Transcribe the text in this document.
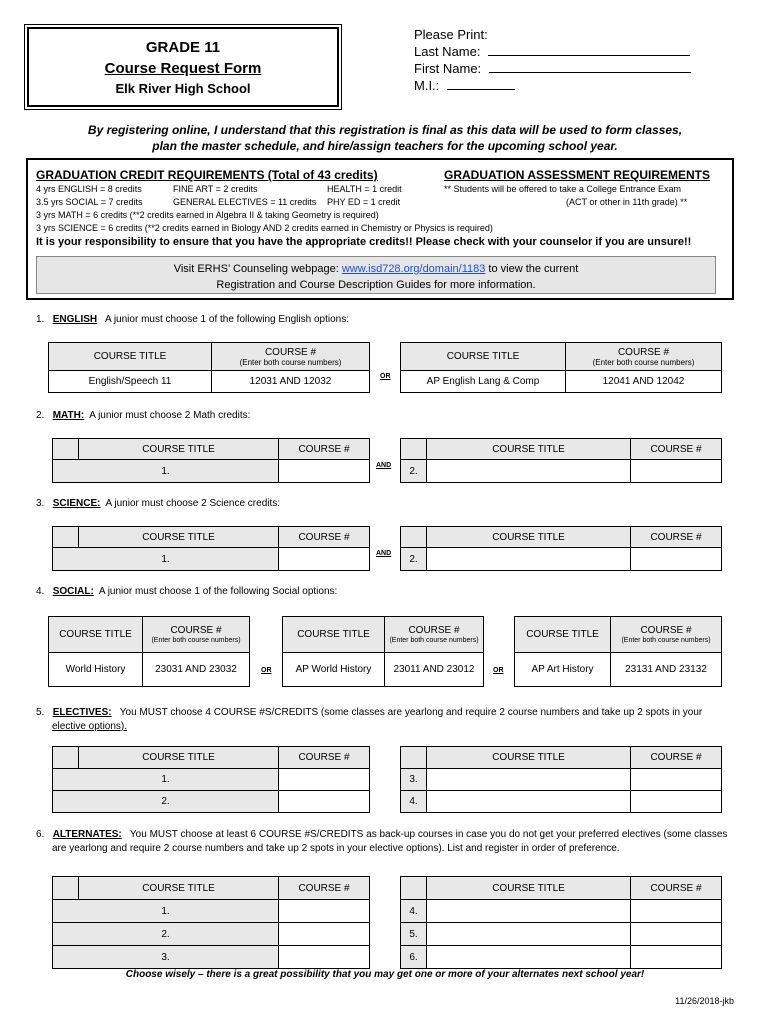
GRADE 11
Course Request Form
Elk River High School
Please Print:
Last Name:
First Name:
M.I.:
By registering online, I understand that this registration is final as this data will be used to form classes,
plan the master schedule, and hire/assign teachers for the upcoming school year.
GRADUATION CREDIT REQUIREMENTS (Total of 43 credits)	GRADUATION ASSESSMENT REQUIREMENTS
4 yrs ENGLISH = 8 credits	FINE ART = 2 credits	HEALTH = 1 credit	** Students will be offered to take a College Entrance Exam
3.5 yrs SOCIAL = 7 credits	GENERAL ELECTIVES = 11 credits PHY ED = 1 credit	(ACT or other in 11th grade) **
3 yrs MATH = 6 credits (**2 credits earned in Algebra II & taking Geometry is required)
3 yrs SCIENCE = 6 credits (**2 credits earned in Biology AND 2 credits earned in Chemistry or Physics is required)
It is your responsibility to ensure that you have the appropriate credits!! Please check with your counselor if you are unsure!!
Visit ERHS’ Counseling webpage: www.isd728.org/domain/1183 to view the current
Registration and Course Description Guides for more information.
1. ENGLISH A junior must choose 1 of the following English options:
COURSE TITLE	COURSE #
(Enter both course numbers)

English/Speech 11	12031 AND 12032	OR
COURSE TITLE	COURSE #
(Enter both course numbers)

AP English Lang & Comp	12041 AND 12042
2. MATH: A junior must choose 2 Math credits:
	COURSE TITLE	COURSE #
1.			AND
	COURSE TITLE	COURSE #
2.		
3. SCIENCE: A junior must choose 2 Science credits:
	COURSE TITLE	COURSE #
1.			AND
	COURSE TITLE	COURSE #
2.		
4. SOCIAL: A junior must choose 1 of the following Social options:
COURSE TITLE	COURSE #
(Enter both course numbers)

World History	23031 AND 23032	OR
COURSE TITLE	COURSE #
(Enter both course numbers)

AP World History	23011 AND 23012	OR
COURSE TITLE	COURSE #
(Enter both course numbers)

AP Art History	23131 AND 23132
5. ELECTIVES: You MUST choose 4 COURSE #S/CREDITS (some classes are yearlong and require 2 course numbers and take up 2 spots in your
elective options).
	COURSE TITLE	COURSE #
1.		
2.		
	COURSE TITLE	COURSE #
3.		
4.		
6. ALTERNATES: You MUST choose at least 6 COURSE #S/CREDITS as back-up courses in case you do not get your preferred electives (some classes
are yearlong and require 2 course numbers and take up 2 spots in your elective options). List and register in order of preference.
	COURSE TITLE	COURSE #
1.		
2.		
3.		
	COURSE TITLE	COURSE #
4.		
5.		
6.		
Choose wisely – there is a great possibility that you may get one or more of your alternates next school year!
11/26/2018-jkb
